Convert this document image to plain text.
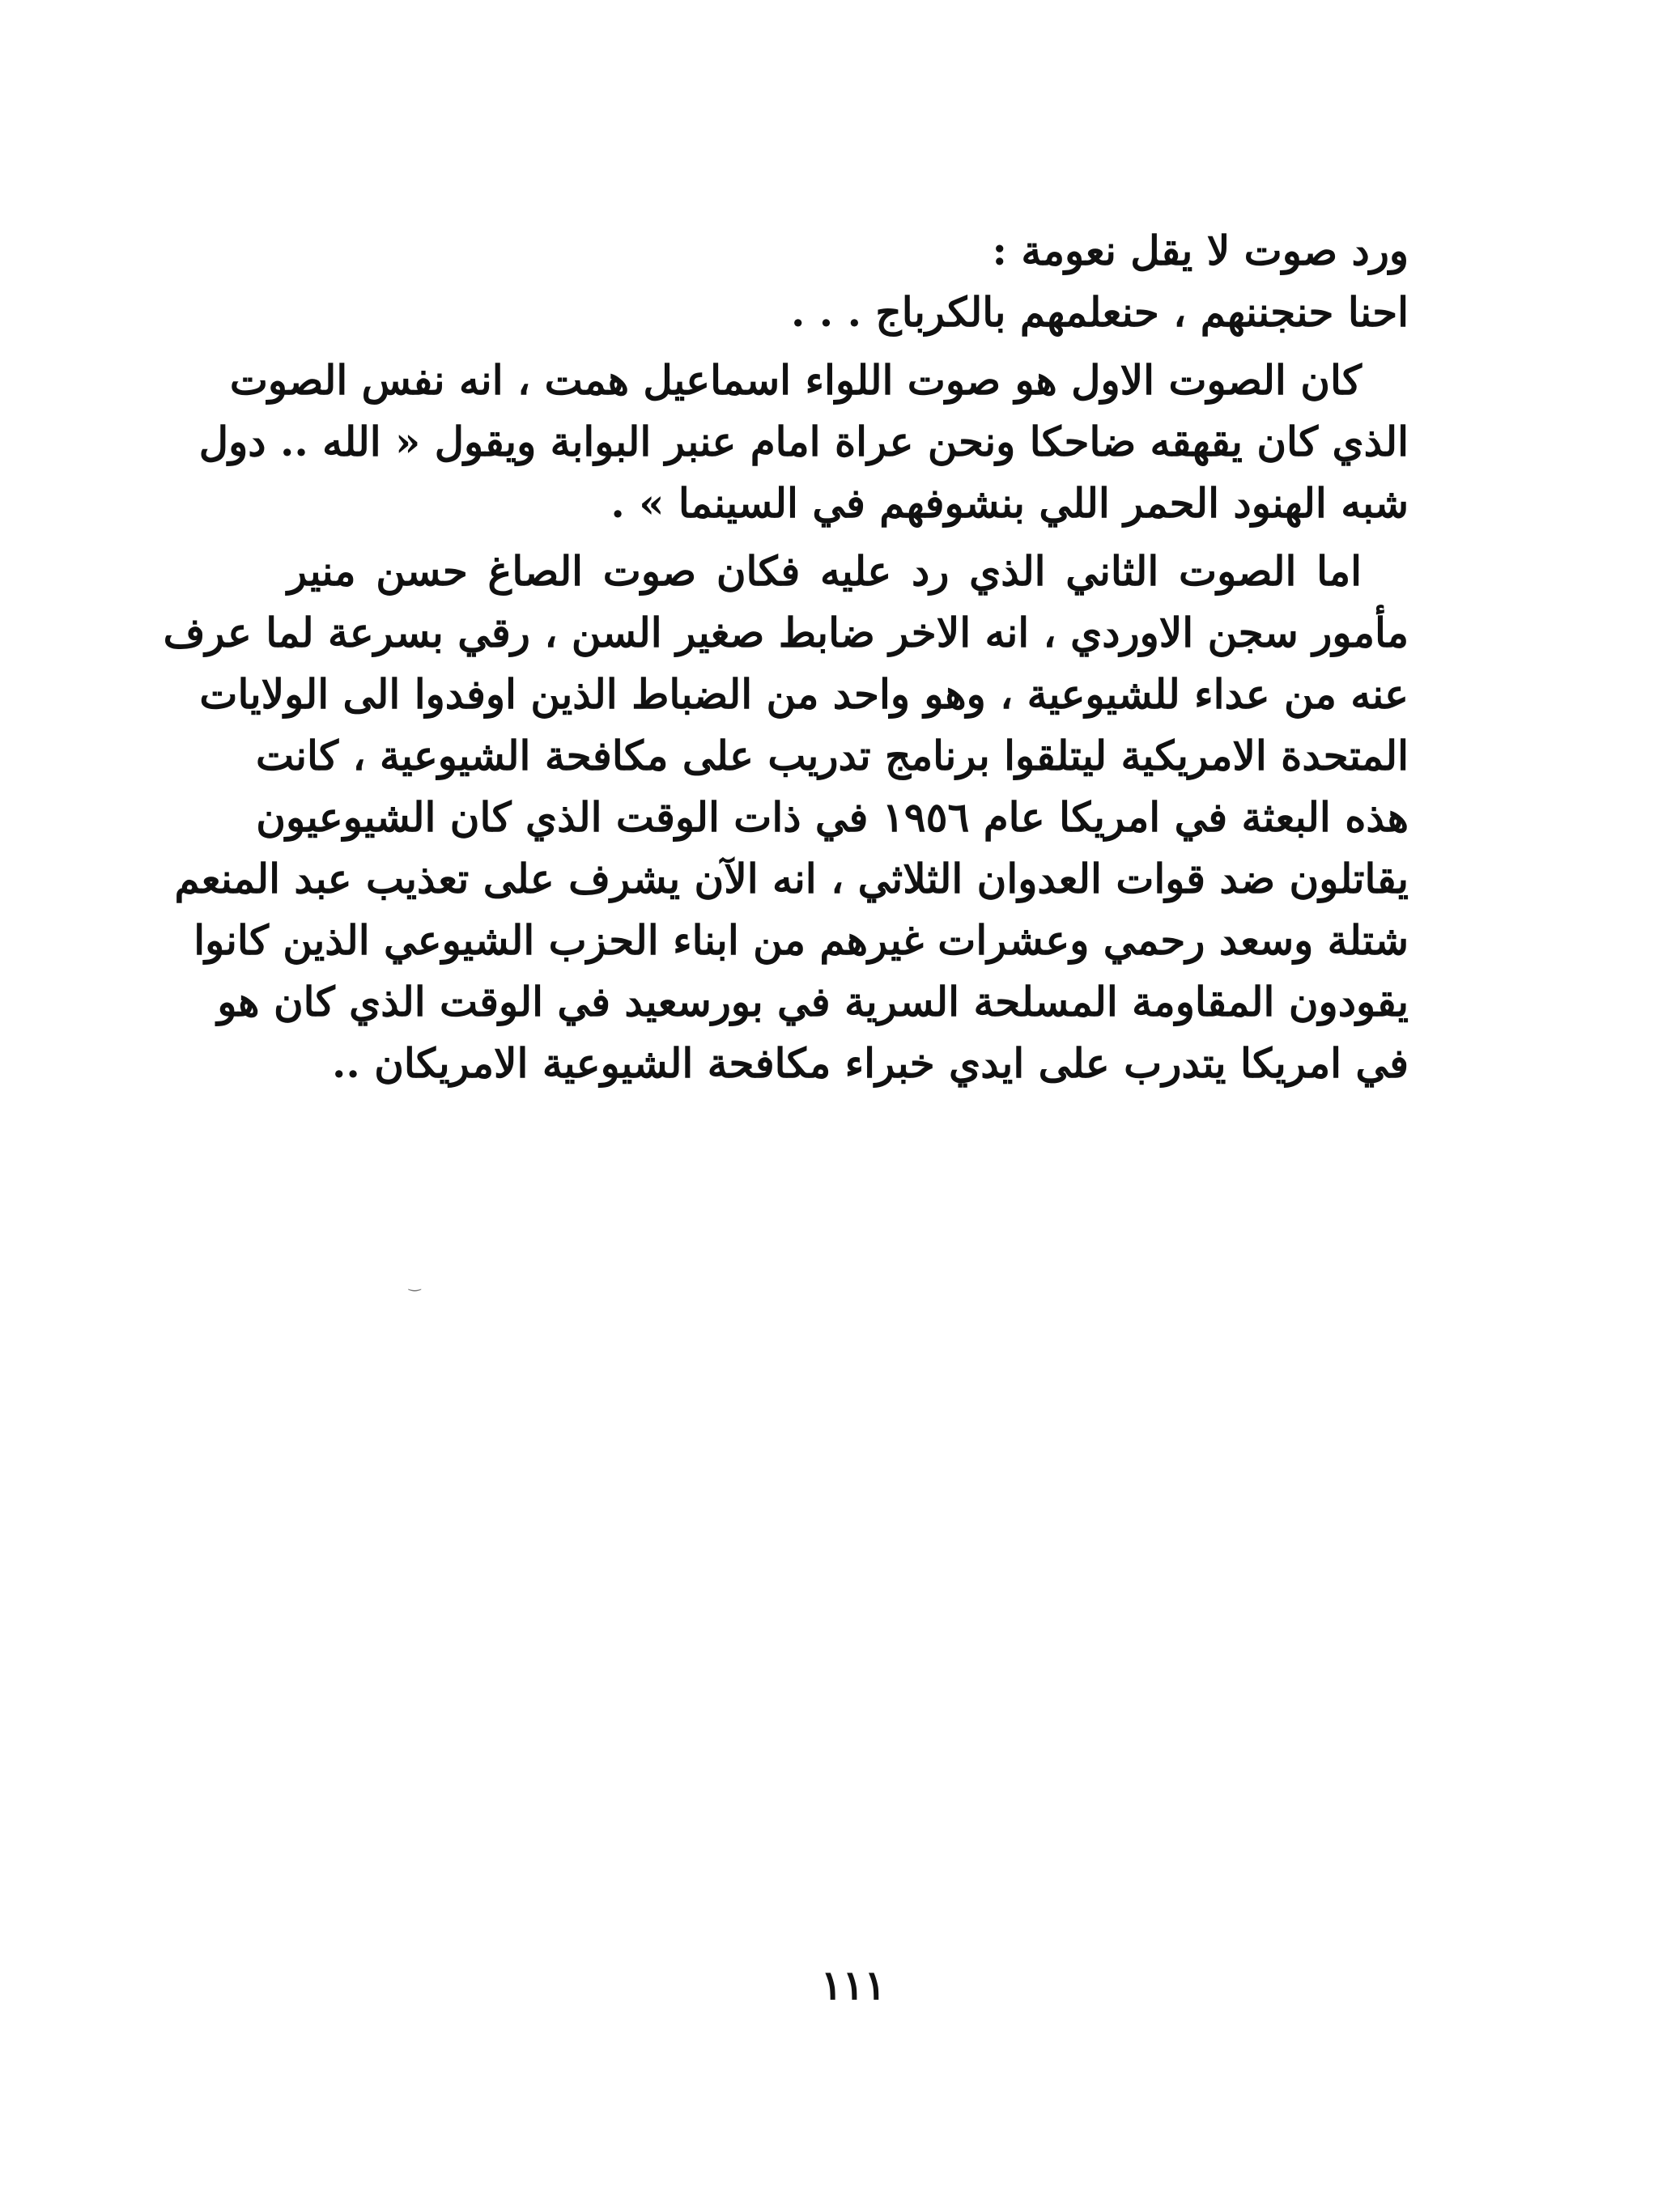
ورد صوت لا يقل نعومة :
احنا حنجننهم ، حنعلمهم بالكرباج . . .
كان الصوت الاول هو صوت اللواء اسماعيل همت ، انه نفس الصوت
الذي كان يقهقه ضاحكا ونحن عراة امام عنبر البوابة ويقول « الله .. دول
شبه الهنود الحمر اللي بنشوفهم في السينما » .
اما الصوت الثاني الذي رد عليه فكان صوت الصاغ حسن منير
مأمور سجن الاوردي ، انه الاخر ضابط صغير السن ، رقي بسرعة لما عرف
عنه من عداء للشيوعية ، وهو واحد من الضباط الذين اوفدوا الى الولايات
المتحدة الامريكية ليتلقوا برنامج تدريب على مكافحة الشيوعية ، كانت
هذه البعثة في امريكا عام ١٩٥٦ في ذات الوقت الذي كان الشيوعيون
يقاتلون ضد قوات العدوان الثلاثي ، انه الآن يشرف على تعذيب عبد المنعم
شتلة وسعد رحمي وعشرات غيرهم من ابناء الحزب الشيوعي الذين كانوا
يقودون المقاومة المسلحة السرية في بورسعيد في الوقت الذي كان هو
في امريكا يتدرب على ايدي خبراء مكافحة الشيوعية الامريكان ..
‿
١١١
